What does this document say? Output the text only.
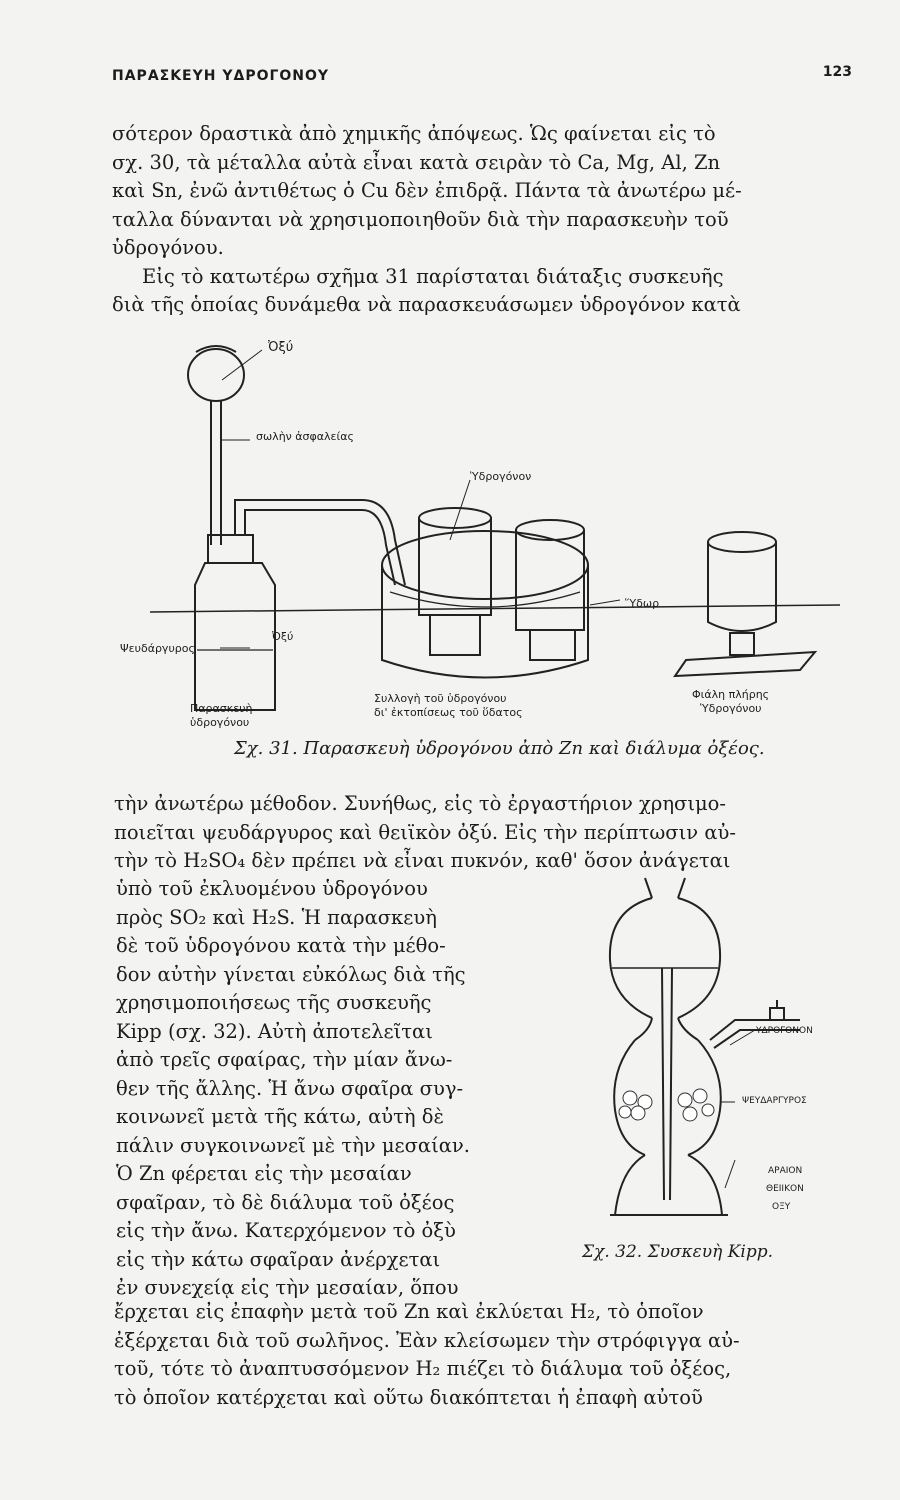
ΠΑΡΑΣΚΕΥΗ ΥΔΡΟΓΟΝΟΥ	123
σότερον δραστικὰ ἀπὸ χημικῆς ἀπόψεως. Ὡς φαίνεται εἰς τὸ
σχ. 30, τὰ μέταλλα αὐτὰ εἶναι κατὰ σειρὰν τὸ Ca, Mg, Al, Zn
καὶ Sn, ἐνῶ ἀντιθέτως ὁ Cu δὲν ἐπιδρᾷ. Πάντα τὰ ἀνωτέρω μέ-
ταλλα δύνανται νὰ χρησιμοποιηθοῦν διὰ τὴν παρασκευὴν τοῦ
ὑδρογόνου.
Εἰς τὸ κατωτέρω σχῆμα 31 παρίσταται διάταξις συσκευῆς
διὰ τῆς ὁποίας δυνάμεθα νὰ παρασκευάσωμεν ὑδρογόνον κατὰ
Ὀξύ
σωλὴν ἀσφαλείας
Ὑδρογόνον
Ὕδωρ
Ψευδάργυρος
Ὀξύ
Παρασκευὴ
ὑδρογόνου
Συλλογὴ τοῦ ὑδρογόνου
δι' ἐκτοπίσεως τοῦ ὕδατος
Φιάλη πλήρης
Ὑδρογόνου
Σχ. 31. Παρασκευὴ ὑδρογόνου ἀπὸ Zn καὶ διάλυμα ὀξέος.
τὴν ἀνωτέρω μέθοδον. Συνήθως, εἰς τὸ ἐργαστήριον χρησιμο-
ποιεῖται ψευδάργυρος καὶ θειϊκὸν ὀξύ. Εἰς τὴν περίπτωσιν αὐ-
τὴν τὸ H₂SO₄ δὲν πρέπει νὰ εἶναι πυκνόν, καθ' ὅσον ἀνάγεται
ὑπὸ τοῦ ἐκλυομένου ὑδρογόνου
πρὸς SO₂ καὶ H₂S. Ἡ παρασκευὴ
δὲ τοῦ ὑδρογόνου κατὰ τὴν μέθο-
δον αὐτὴν γίνεται εὐκόλως διὰ τῆς
χρησιμοποιήσεως τῆς συσκευῆς
Kipp (σχ. 32). Αὐτὴ ἀποτελεῖται
ἀπὸ τρεῖς σφαίρας, τὴν μίαν ἄνω-
θεν τῆς ἄλλης. Ἡ ἄνω σφαῖρα συγ-
κοινωνεῖ μετὰ τῆς κάτω, αὐτὴ δὲ
πάλιν συγκοινωνεῖ μὲ τὴν μεσαίαν.
Ὁ Zn φέρεται εἰς τὴν μεσαίαν
σφαῖραν, τὸ δὲ διάλυμα τοῦ ὀξέος
εἰς τὴν ἄνω. Κατερχόμενον τὸ ὀξὺ
εἰς τὴν κάτω σφαῖραν ἀνέρχεται
ἐν συνεχείᾳ εἰς τὴν μεσαίαν, ὅπου
ΥΔΡΟΓΟΝΟΝ
ΨΕΥΔΑΡΓΥΡΟΣ
ΑΡΑΙΟΝ
ΘΕΙΙΚΟΝ
ΟΞΥ
Σχ. 32. Συσκευὴ Kipp.
ἔρχεται εἰς ἐπαφὴν μετὰ τοῦ Zn καὶ ἐκλύεται H₂, τὸ ὁποῖον
ἐξέρχεται διὰ τοῦ σωλῆνος. Ἐὰν κλείσωμεν τὴν στρόφιγγα αὐ-
τοῦ, τότε τὸ ἀναπτυσσόμενον H₂ πιέζει τὸ διάλυμα τοῦ ὀξέος,
τὸ ὁποῖον κατέρχεται καὶ οὕτω διακόπτεται ἡ ἐπαφὴ αὐτοῦ
